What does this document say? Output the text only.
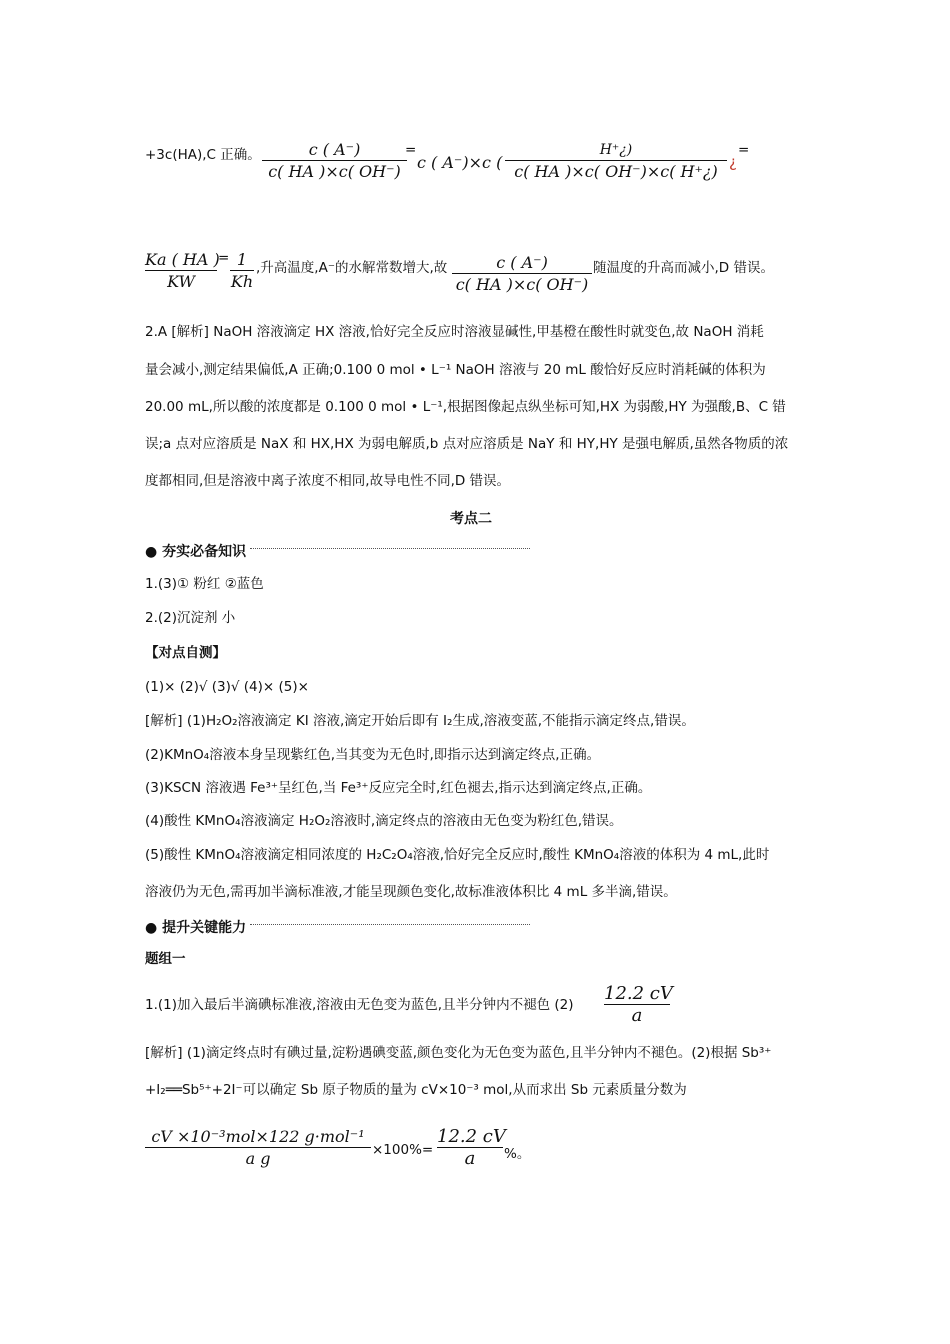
+3c(HA),C 正确。 $\frac{c ( A^-)}{c( HA )\times c( OH^-)}$
=
c ( A⁻)×c ( $\frac{H^+¿)}{c( HA )\times c( OH^-)\times c( H^+¿)}$ ¿
=
$\frac{Ka ( HA )}{KW} = \frac{1}{Kh}$ ,升高温度,A⁻的水解常数增大,故 $\frac{c ( A^-)}{c( HA )\times c( OH^-)}$ 随温度的升高而减小,D 错误。
2.A [解析] NaOH 溶液滴定 HX 溶液,恰好完全反应时溶液显碱性,甲基橙在酸性时就变色,故 NaOH 消耗
量会减小,测定结果偏低,A 正确;0.100 0 mol • L⁻¹ NaOH 溶液与 20 mL 酸恰好反应时消耗碱的体积为
20.00 mL,所以酸的浓度都是 0.100 0 mol • L⁻¹,根据图像起点纵坐标可知,HX 为弱酸,HY 为强酸,B、C 错
误;a 点对应溶质是 NaX 和 HX,HX 为弱电解质,b 点对应溶质是 NaY 和 HY,HY 是强电解质,虽然各物质的浓
度都相同,但是溶液中离子浓度不相同,故导电性不同,D 错误。
考点二
● 夯实必备知识
1.(3)① 粉红 ②蓝色
2.(2)沉淀剂 小
【对点自测】
(1)× (2)√ (3)√ (4)× (5)×
[解析] (1)H₂O₂溶液滴定 KI 溶液,滴定开始后即有 I₂生成,溶液变蓝,不能指示滴定终点,错误。
(2)KMnO₄溶液本身呈现紫红色,当其变为无色时,即指示达到滴定终点,正确。
(3)KSCN 溶液遇 Fe³⁺呈红色,当 Fe³⁺反应完全时,红色褪去,指示达到滴定终点,正确。
(4)酸性 KMnO₄溶液滴定 H₂O₂溶液时,滴定终点的溶液由无色变为粉红色,错误。
(5)酸性 KMnO₄溶液滴定相同浓度的 H₂C₂O₄溶液,恰好完全反应时,酸性 KMnO₄溶液的体积为 4 mL,此时
溶液仍为无色,需再加半滴标准液,才能呈现颜色变化,故标准液体积比 4 mL 多半滴,错误。
● 提升关键能力
题组一
1.(1)加入最后半滴碘标准液,溶液由无色变为蓝色,且半分钟内不褪色 $(2) \frac{12.2 cV}{a}$
[解析] (1)滴定终点时有碘过量,淀粉遇碘变蓝,颜色变化为无色变为蓝色,且半分钟内不褪色。(2)根据 Sb³⁺
+I₂══Sb⁵⁺+2I⁻可以确定 Sb 原子物质的量为 cV×10⁻³ mol,从而求出 Sb 元素质量分数为
cV ×10⁻³mol×122 g·mol⁻¹
a g	$\times 100\%= \frac{12.2 cV}{a}$ %。
